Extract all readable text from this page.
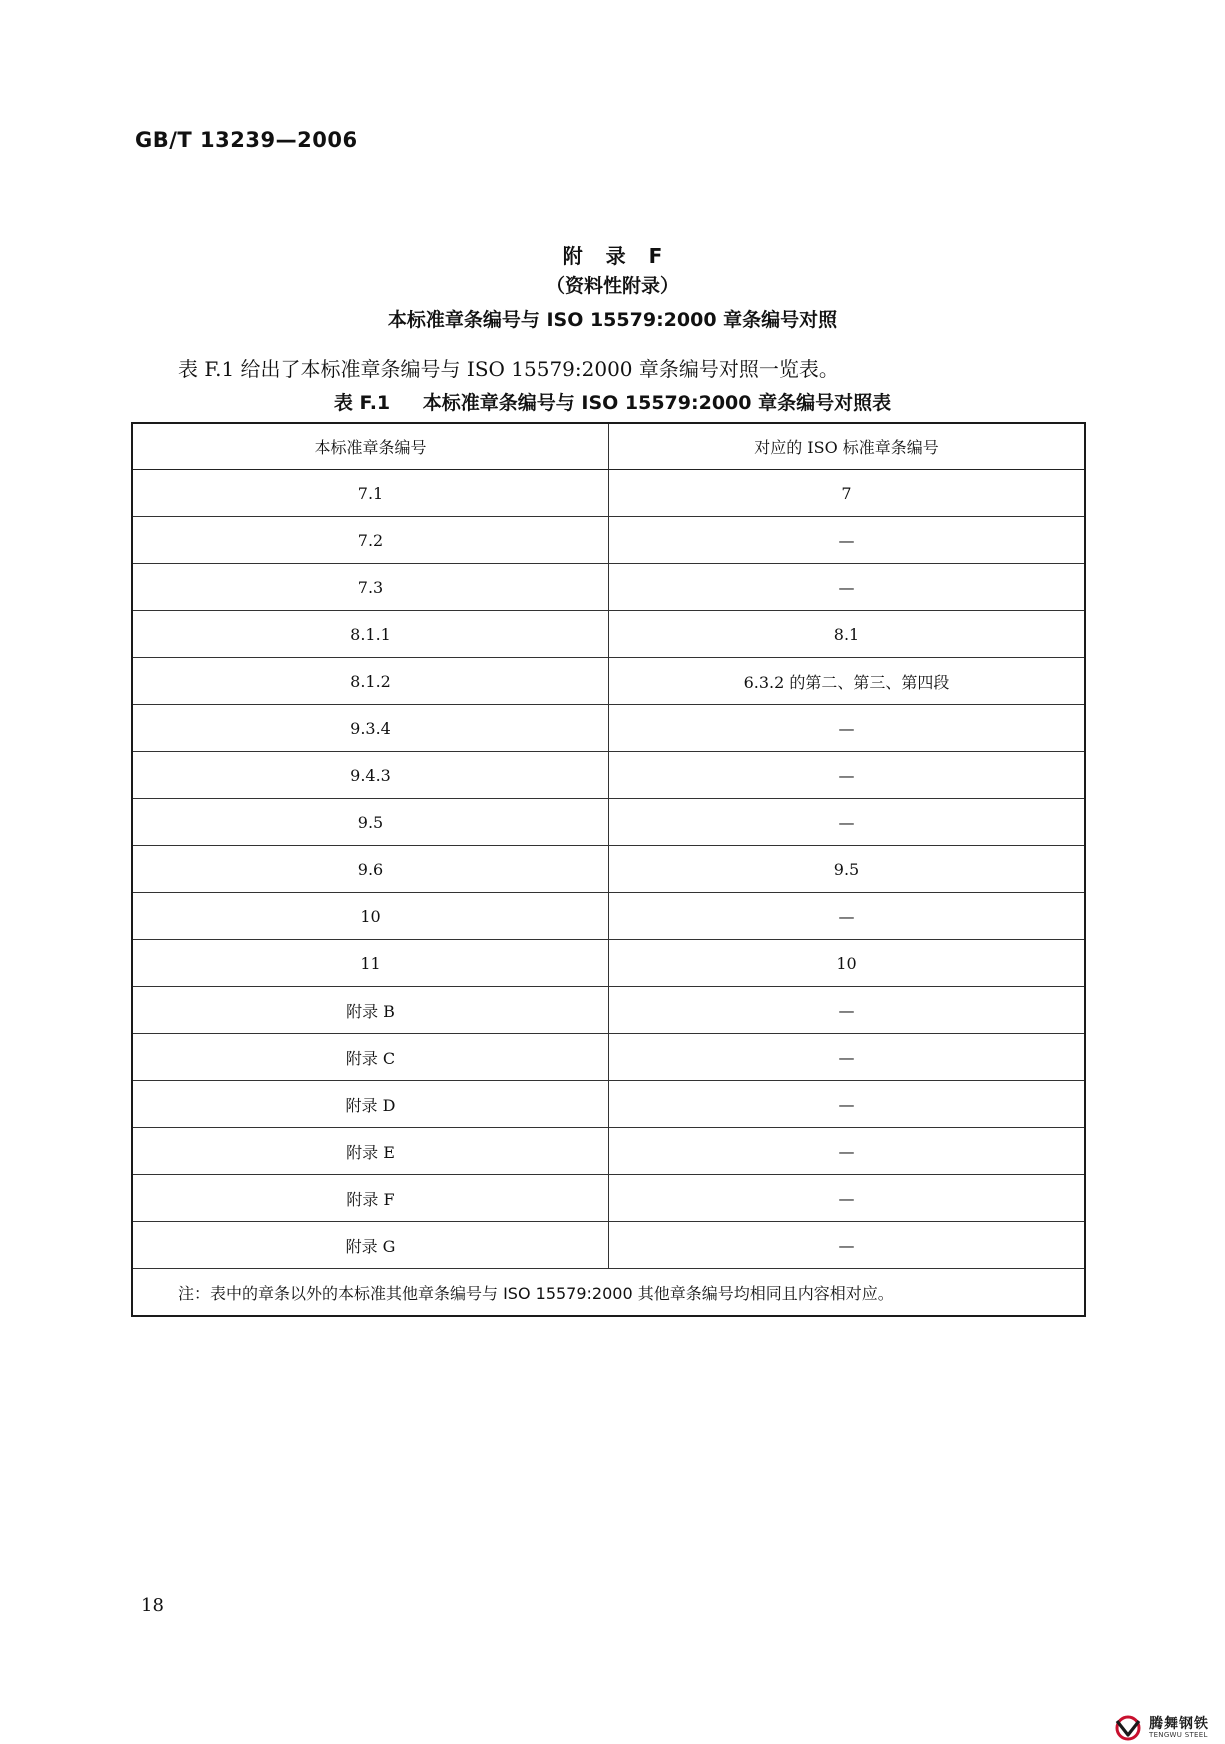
GB/T 13239—2006
附 录 F
（资料性附录）
本标准章条编号与 ISO 15579:2000 章条编号对照
表 F.1 给出了本标准章条编号与 ISO 15579:2000 章条编号对照一览表。
表 F.1 本标准章条编号与 ISO 15579:2000 章条编号对照表
本标准章条编号	对应的 ISO 标准章条编号
7.1	7
7.2	—
7.3	—
8.1.1	8.1
8.1.2	6.3.2 的第二、第三、第四段
9.3.4	—
9.4.3	—
9.5	—
9.6	9.5
10	—
11	10
附录 B	—
附录 C	—
附录 D	—
附录 E	—
附录 F	—
附录 G	—
注：表中的章条以外的本标准其他章条编号与 ISO 15579:2000 其他章条编号均相同且内容相对应。	
18
腾舞钢铁
TENGWU STEEL
